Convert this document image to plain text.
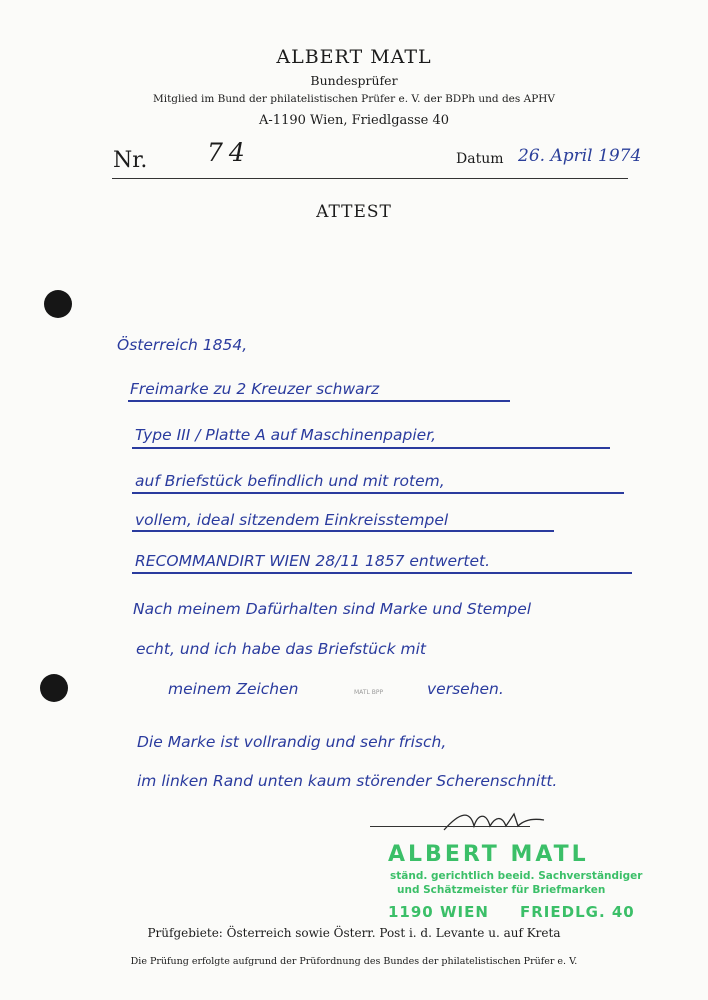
ALBERT MATL
Bundesprüfer
Mitglied im Bund der philatelistischen Prüfer e. V. der BDPh und des APHV
A-1190 Wien, Friedlgasse 40
Nr. 74	Datum 26. April 1974
ATTEST
Österreich 1854,
Freimarke zu 2 Kreuzer schwarz
Type III / Platte A auf Maschinenpapier,
auf Briefstück befindlich und mit rotem,
vollem, ideal sitzendem Einkreisstempel
RECOMMANDIRT WIEN 28/11 1857 entwertet.
Nach meinem Dafürhalten sind Marke und Stempel
echt, und ich habe das Briefstück mit
meinem Zeichen	MATL BPP	versehen.
Die Marke ist vollrandig und sehr frisch,
im linken Rand unten kaum störender Scherenschnitt.
Matl
ALBERT MATL
ständ. gerichtlich beeid. Sachverständiger
und Schätzmeister für Briefmarken
1190 WIEN FRIEDLG. 40
Prüfgebiete: Österreich sowie Österr. Post i. d. Levante u. auf Kreta
Die Prüfung erfolgte aufgrund der Prüfordnung des Bundes der philatelistischen Prüfer e. V.
